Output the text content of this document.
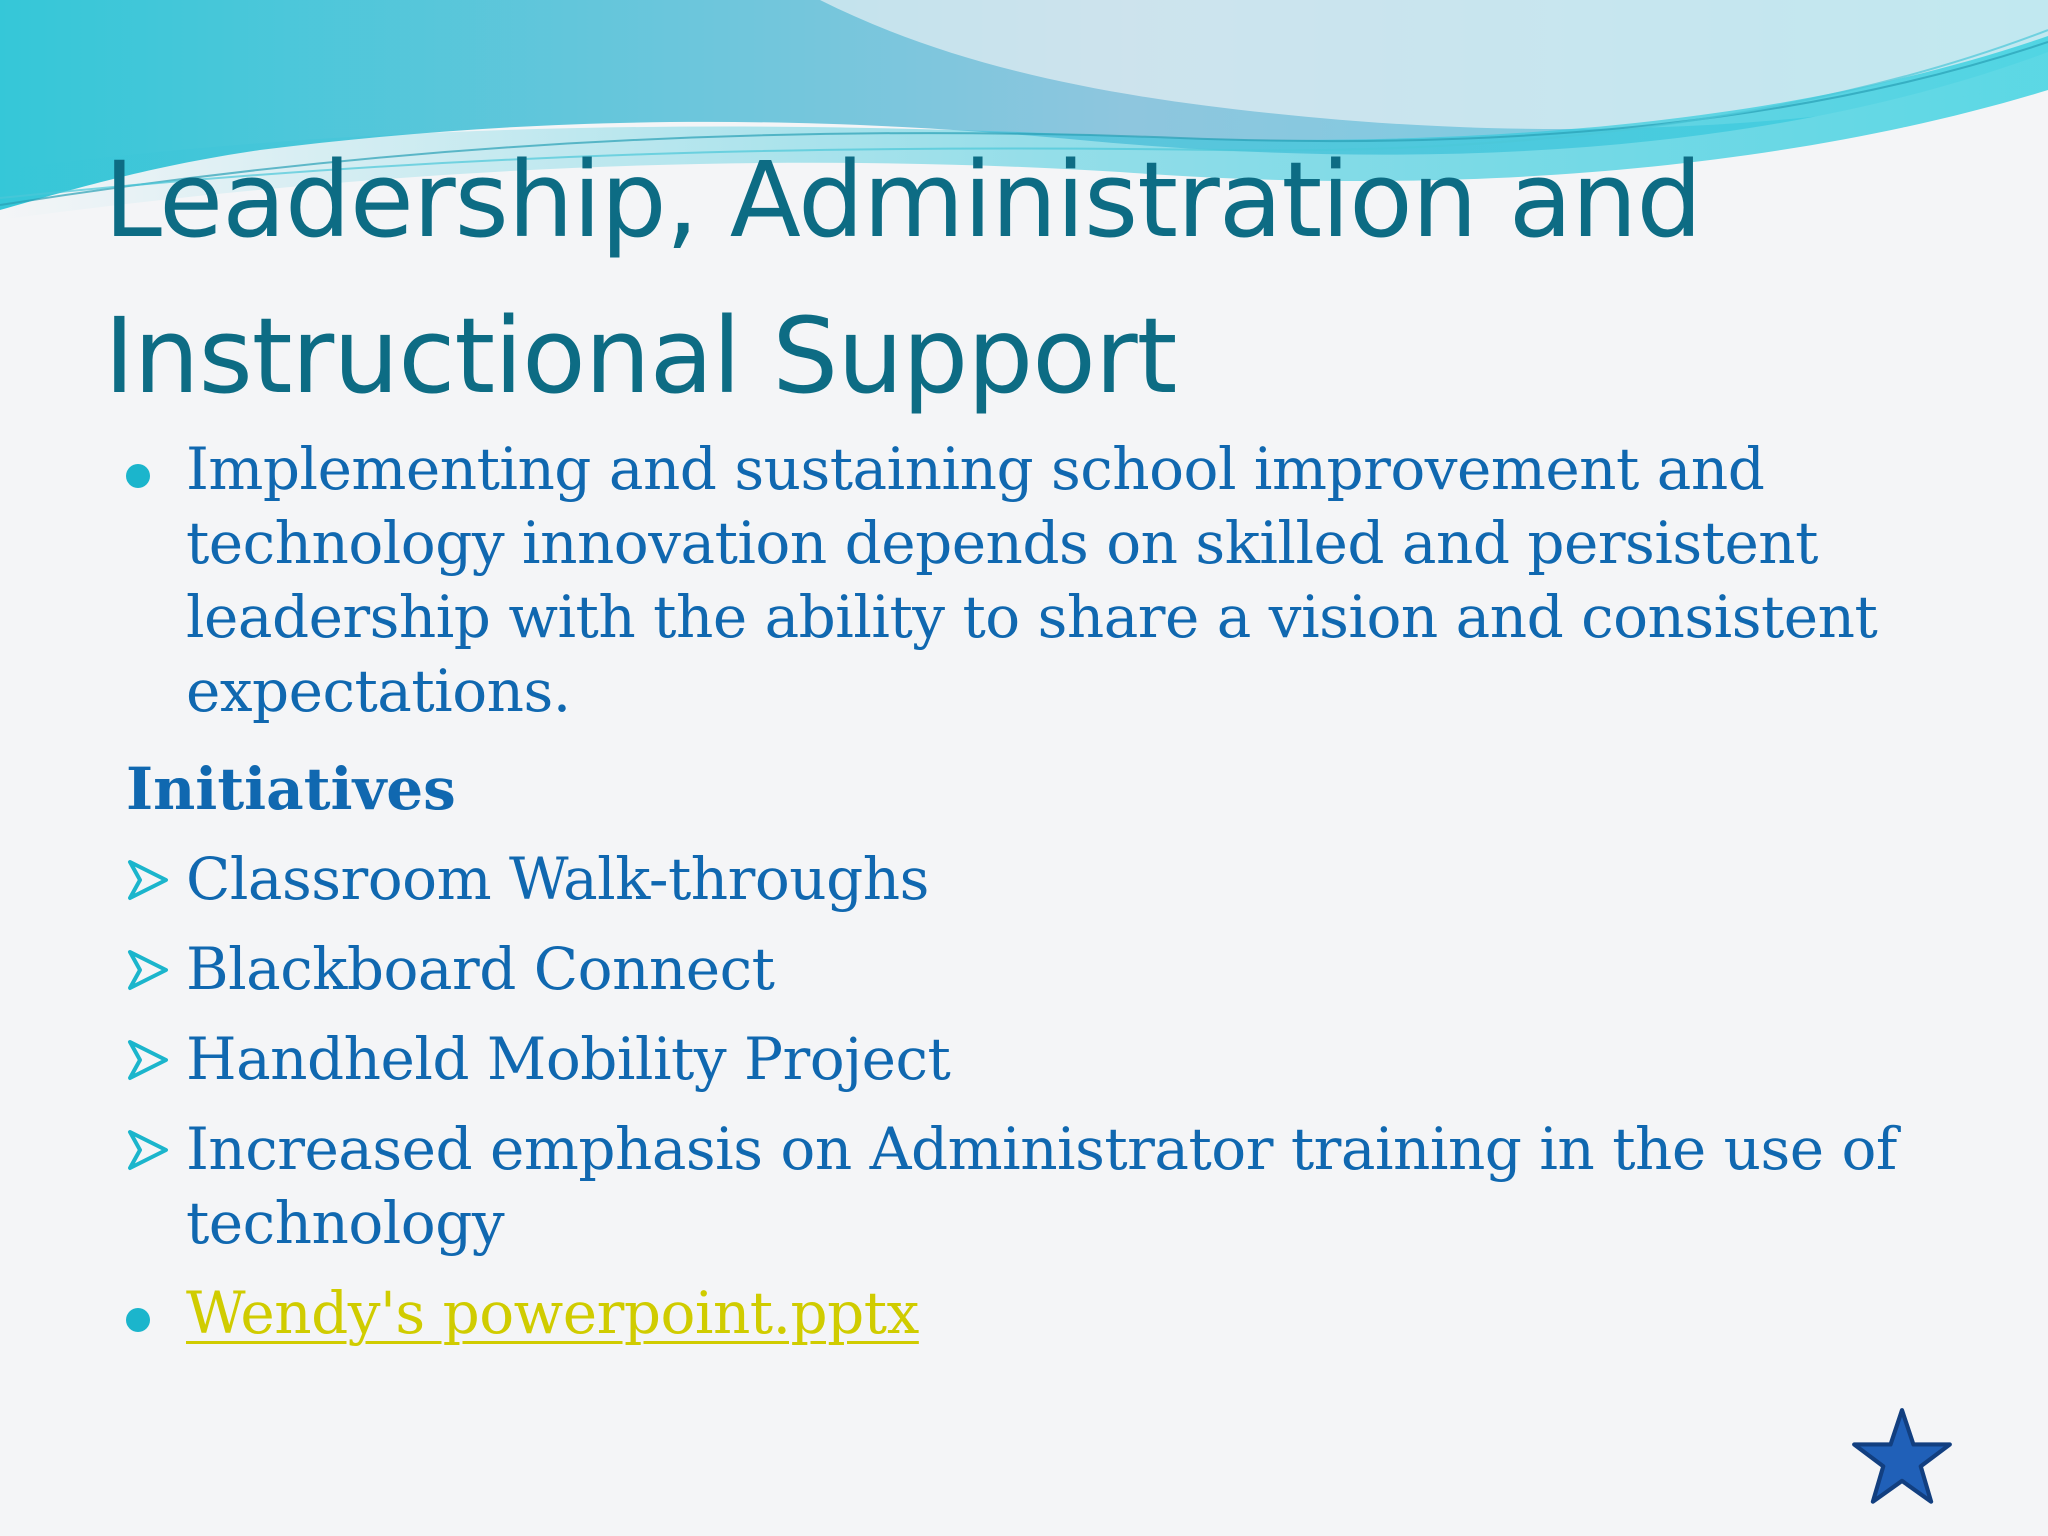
Leadership, Administration and Instructional Support
Implementing and sustaining school improvement and
technology innovation depends on skilled and persistent
leadership with the ability to share a vision and consistent
expectations.
Initiatives
Classroom Walk-throughs
Blackboard Connect
Handheld Mobility Project
Increased emphasis on Administrator training in the use of
technology
Wendy's powerpoint.pptx
